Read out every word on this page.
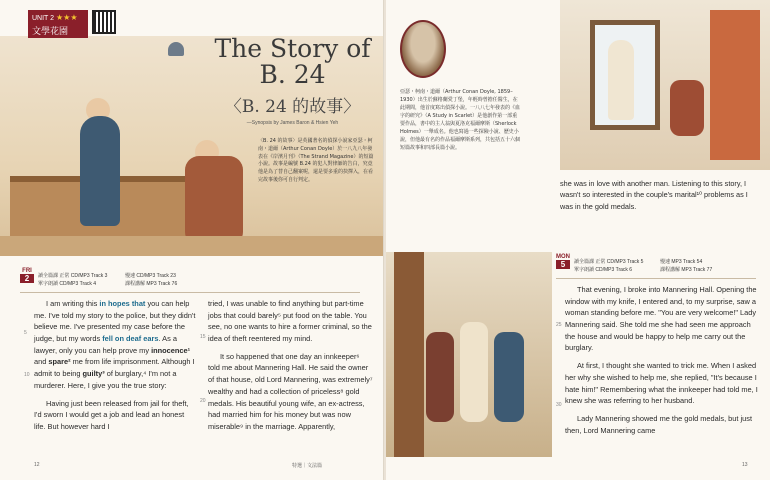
UNIT 2 ★★★
文學花園
The Story of B. 24
〈B. 24 的故事〉
—Synopsis by James Baron & Hsien Yeh
〈B. 24 的故事〉是英國著名的偵探小說家亞瑟・柯南・道爾（Arthur Conan Doyle）於一八九八年發表在《岸濱月刊》（The Strand Magazine）的短篇小說。故事是編號 B.24 的犯人對律師的告白，究竟他是為了替自己翻案呢，還是要多重的抉擇入，在看完故事後你可自行判定。
FRI
2	讀全篇課 正常 CD/MP3 Track 3
單字朗讀 CD/MP3 Track 4
慢速 CD/MP3 Track 23
課程講解 MP3 Track 76

I am writing this in hopes that you can help me. I've told my story to the police, but they didn't believe me. I've presented my case before the judge, but my words fell on deaf ears. As a lawyer, only you can help prove my innocence¹ and spare² me from life imprisonment. Although I admit to being guilty³ of burglary,⁴ I'm not a murderer. Here, I give you the true story:

Having just been released from jail for theft, I'd sworn I would get a job and lead an honest life. But however hard I

tried, I was unable to find anything but part-time jobs that could barely⁵ put food on the table. You see, no one wants to hire a former criminal, so the idea of theft reentered my mind.

It so happened that one day an innkeeper⁶ told me about Mannering Hall. He said the owner of that house, old Lord Mannering, was extremely⁷ wealthy and had a collection of priceless⁸ gold medals. His beautiful young wife, an ex-actress, had married him for his money but was now miserable⁹ in the marriage. Apparently,

5
10
15
20
12	特選｜文法篇
亞瑟・柯南・道爾（Arthur Conan Doyle, 1859–1930）出生於蘇格蘭愛丁堡，年輕時曾擔任醫生，在此期間，他首度寫出偵探小說。一八八七年發表的《血字的研究》（A Study in Scarlet）是他創作第一部重要作品，書中的主人翁與夏洛克福爾摩斯（Sherlock Holmes）一舉成名。他也寫過一些探險小說、歷史小說，但他最有名的作品福爾摩斯系列，共包括五十六個短篇故事和四部長篇小說。
she was in love with another man. Listening to this story, I wasn't so interested in the couple's marital¹⁰ problems as I was in the gold medals.
MON
5	讀全篇課 正常 CD/MP3 Track 5
單字朗讀 CD/MP3 Track 6
慢速 MP3 Track 54
課程講解 MP3 Track 77

That evening, I broke into Mannering Hall. Opening the window with my knife, I entered and, to my surprise, saw a woman standing before me. "You are very welcome!" Lady Mannering said. She told me she had seen me approach the house and would be happy to help me carry out the burglary.

At first, I thought she wanted to trick me. When I asked her why she wished to help me, she replied, "It's because I hate him!" Remembering what the innkeeper had told me, I knew she was referring to her husband.

Lady Mannering showed me the gold medals, but just then, Lord Mannering came

25
30
13
